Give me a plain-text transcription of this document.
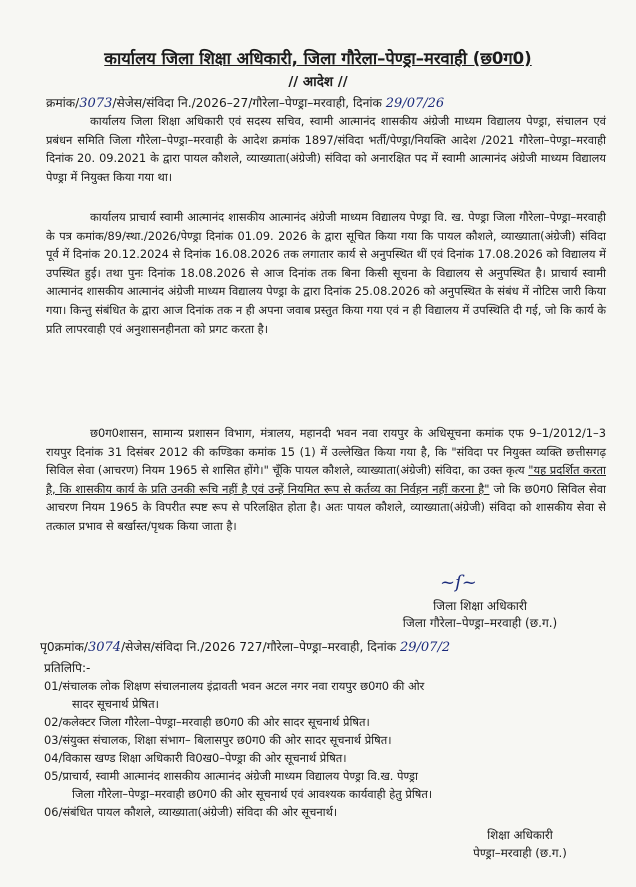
कार्यालय जिला शिक्षा अधिकारी, जिला गौरेला–पेण्ड्रा–मरवाही (छ0ग0)
// आदेश //
क्रमांक/3073/सेजेस/संविदा नि./2026–27/गौरेला–पेण्ड्रा–मरवाही, दिनांक 29/07/26

कार्यालय जिला शिक्षा अधिकारी एवं सदस्य सचिव, स्वामी आत्मानंद शासकीय अंग्रेजी माध्यम विद्यालय पेण्ड्रा, संचालन एवं प्रबंधन समिति जिला गौरेला–पेण्ड्रा–मरवाही के आदेश क्रमांक 1897/संविदा भर्ती/पेण्ड्रा/नियक्ति आदेश /2021 गौरेला–पेण्ड्रा–मरवाही दिनांक 20. 09.2021 के द्वारा पायल कौशले, व्याख्याता(अंग्रेजी) संविदा को अनारक्षित पद में स्वामी आत्मानंद अंग्रेजी माध्यम विद्यालय पेण्ड्रा में नियुक्त किया गया था।

कार्यालय प्राचार्य स्वामी आत्मानंद शासकीय आत्मानंद अंग्रेजी माध्यम विद्यालय पेण्ड्रा वि. ख. पेण्ड्रा जिला गौरेला–पेण्ड्रा–मरवाही के पत्र कमांक/89/स्था./2026/पेण्ड्रा दिनांक 01.09. 2026 के द्वारा सूचित किया गया कि पायल कौशले, व्याख्याता(अंग्रेजी) संविदा पूर्व में दिनांक 20.12.2024 से दिनांक 16.08.2026 तक लगातार कार्य से अनुपस्थित थीं एवं दिनांक 17.08.2026 को विद्यालय में उपस्थित हुई। तथा पुनः दिनांक 18.08.2026 से आज दिनांक तक बिना किसी सूचना के विद्यालय से अनुपस्थित है। प्राचार्य स्वामी आत्मानंद शासकीय आत्मानंद अंग्रेजी माध्यम विद्यालय पेण्ड्रा के द्वारा दिनांक 25.08.2026 को अनुपस्थित के संबंध में नोटिस जारी किया गया। किन्तु संबंधित के द्वारा आज दिनांक तक न ही अपना जवाब प्रस्तुत किया गया एवं न ही विद्यालय में उपस्थिति दी गई, जो कि कार्य के प्रति लापरवाही एवं अनुशासनहीनता को प्रगट करता है।

छ0ग0शासन, सामान्य प्रशासन विभाग, मंत्रालय, महानदी भवन नवा रायपुर के अधिसूचना कमांक एफ 9–1/2012/1–3 रायपुर दिनांक 31 दिसंबर 2012 की कण्डिका कमांक 15 (1) में उल्लेखित किया गया है, कि "संविदा पर नियुक्त व्यक्ति छत्तीसगढ़ सिविल सेवा (आचरण) नियम 1965 से शासित होंगे।" चूँकि पायल कौशले, व्याख्याता(अंग्रेजी) संविदा, का उक्त कृत्य "यह प्रदर्शित करता है, कि शासकीय कार्य के प्रति उनकी रूचि नहीं है एवं उन्हें नियमित रूप से कर्तव्य का निर्वहन नहीं करना है" जो कि छ0ग0 सिविल सेवा आचरण नियम 1965 के विपरीत स्पष्ट रूप से परिलक्षित होता है। अतः पायल कौशले, व्याख्याता(अंग्रेजी) संविदा को शासकीय सेवा से तत्काल प्रभाव से बर्खास्त/पृथक किया जाता है।

~ſ~
जिला शिक्षा अधिकारी
जिला गौरेला–पेण्ड्रा–मरवाही (छ.ग.)
पृ0क्रमांक/3074/सेजेस/संविदा नि./2026 727/गौरेला–पेण्ड्रा–मरवाही, दिनांक 29/07/2
प्रतिलिपि:-
01/संचालक लोक शिक्षण संचालनालय इंद्रावती भवन अटल नगर नवा रायपुर छ0ग0 की ओर
सादर सूचनार्थ प्रेषित।
02/कलेक्टर जिला गौरेला–पेण्ड्रा–मरवाही छ0ग0 की ओर सादर सूचनार्थ प्रेषित।
03/संयुक्त संचालक, शिक्षा संभाग– बिलासपुर छ0ग0 की ओर सादर सूचनार्थ प्रेषित।
04/विकास खण्ड शिक्षा अधिकारी वि0ख0–पेण्ड्रा की ओर सूचनार्थ प्रेषित।
05/प्राचार्य, स्वामी आत्मानंद शासकीय आत्मानंद अंग्रेजी माध्यम विद्यालय पेण्ड्रा वि.ख. पेण्ड्रा
जिला गौरेला–पेण्ड्रा–मरवाही छ0ग0 की ओर सूचनार्थ एवं आवश्यक कार्यवाही हेतु प्रेषित।
06/संबंधित पायल कौशले, व्याख्याता(अंग्रेजी) संविदा की ओर सूचनार्थ।
शिक्षा अधिकारी
पेण्ड्रा–मरवाही (छ.ग.)
